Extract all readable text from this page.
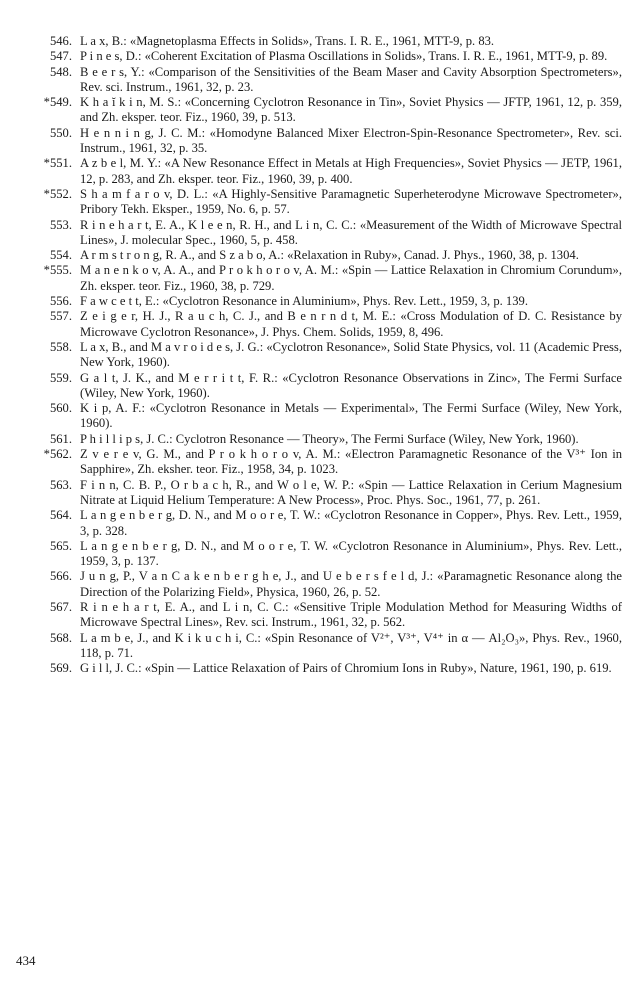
546. L a x, B.: «Magnetoplasma Effects in Solids», Trans. I. R. E., 1961, MTT-9, p. 83.
547. P i n e s, D.: «Coherent Excitation of Plasma Oscillations in Solids», Trans. I. R. E., 1961, MTT-9, p. 89.
548. B e e r s, Y.: «Comparison of the Sensitivities of the Beam Maser and Cavity Absorption Spectrometers», Rev. sci. Instrum., 1961, 32, p. 23.
*549. K h a ĭ k i n, M. S.: «Concerning Cyclotron Resonance in Tin», Soviet Physics — JFTP, 1961, 12, p. 359, and Zh. eksper. teor. Fiz., 1960, 39, p. 513.
550. H e n n i n g, J. C. M.: «Homodyne Balanced Mixer Electron-Spin-Resonance Spectrometer», Rev. sci. Instrum., 1961, 32, p. 35.
*551. A z b e l, M. Y.: «A New Resonance Effect in Metals at High Frequencies», Soviet Physics — JETP, 1961, 12, p. 283, and Zh. eksper. teor. Fiz., 1960, 39, p. 400.
*552. S h a m f a r o v, D. L.: «A Highly-Sensitive Paramagnetic Superheterodyne Microwave Spectrometer», Pribory Tekh. Eksper., 1959, No. 6, p. 57.
553. R i n e h a r t, E. A., K l e e n, R. H., and L i n, C. C.: «Measurement of the Width of Microwave Spectral Lines», J. molecular Spec., 1960, 5, p. 458.
554. A r m s t r o n g, R. A., and S z a b o, A.: «Relaxation in Ruby», Canad. J. Phys., 1960, 38, p. 1304.
*555. M a n e n k o v, A. A., and P r o k h o r o v, A. M.: «Spin — Lattice Relaxation in Chromium Corundum», Zh. eksper. teor. Fiz., 1960, 38, p. 729.
556. F a w c e t t, E.: «Cyclotron Resonance in Aluminium», Phys. Rev. Lett., 1959, 3, p. 139.
557. Z e i g e r, H. J., R a u c h, C. J., and B e n r n d t, M. E.: «Cross Modulation of D. C. Resistance by Microwave Cyclotron Resonance», J. Phys. Chem. Solids, 1959, 8, 496.
558. L a x, B., and M a v r o i d e s, J. G.: «Cyclotron Resonance», Solid State Physics, vol. 11 (Academic Press, New York, 1960).
559. G a l t, J. K., and M e r r i t t, F. R.: «Cyclotron Resonance Observations in Zinc», The Fermi Surface (Wiley, New York, 1960).
560. K i p, A. F.: «Cyclotron Resonance in Metals — Experimental», The Fermi Surface (Wiley, New York, 1960).
561. P h i l l i p s, J. C.: Cyclotron Resonance — Theory», The Fermi Surface (Wiley, New York, 1960).
*562. Z v e r e v, G. M., and P r o k h o r o v, A. M.: «Electron Paramagnetic Resonance of the V³⁺ Ion in Sapphire», Zh. eksher. teor. Fiz., 1958, 34, p. 1023.
563. F i n n, C. B. P., O r b a c h, R., and W o l e, W. P.: «Spin — Lattice Relaxation in Cerium Magnesium Nitrate at Liquid Helium Temperature: A New Process», Proc. Phys. Soc., 1961, 77, p. 261.
564. L a n g e n b e r g, D. N., and M o o r e, T. W.: «Cyclotron Resonance in Copper», Phys. Rev. Lett., 1959, 3, p. 328.
565. L a n g e n b e r g, D. N., and M o o r e, T. W. «Cyclotron Resonance in Aluminium», Phys. Rev. Lett., 1959, 3, p. 137.
566. J u n g, P., V a n C a k e n b e r g h e, J., and U e b e r s f e l d, J.: «Paramagnetic Resonance along the Direction of the Polarizing Field», Physica, 1960, 26, p. 52.
567. R i n e h a r t, E. A., and L i n, C. C.: «Sensitive Triple Modulation Method for Measuring Widths of Microwave Spectral Lines», Rev. sci. Instrum., 1961, 32, p. 562.
568. L a m b e, J., and K i k u c h i, C.: «Spin Resonance of V²⁺, V³⁺, V⁴⁺ in α — Al₂O₃», Phys. Rev., 1960, 118, p. 71.
569. G i l l, J. C.: «Spin — Lattice Relaxation of Pairs of Chromium Ions in Ruby», Nature, 1961, 190, p. 619.
434
